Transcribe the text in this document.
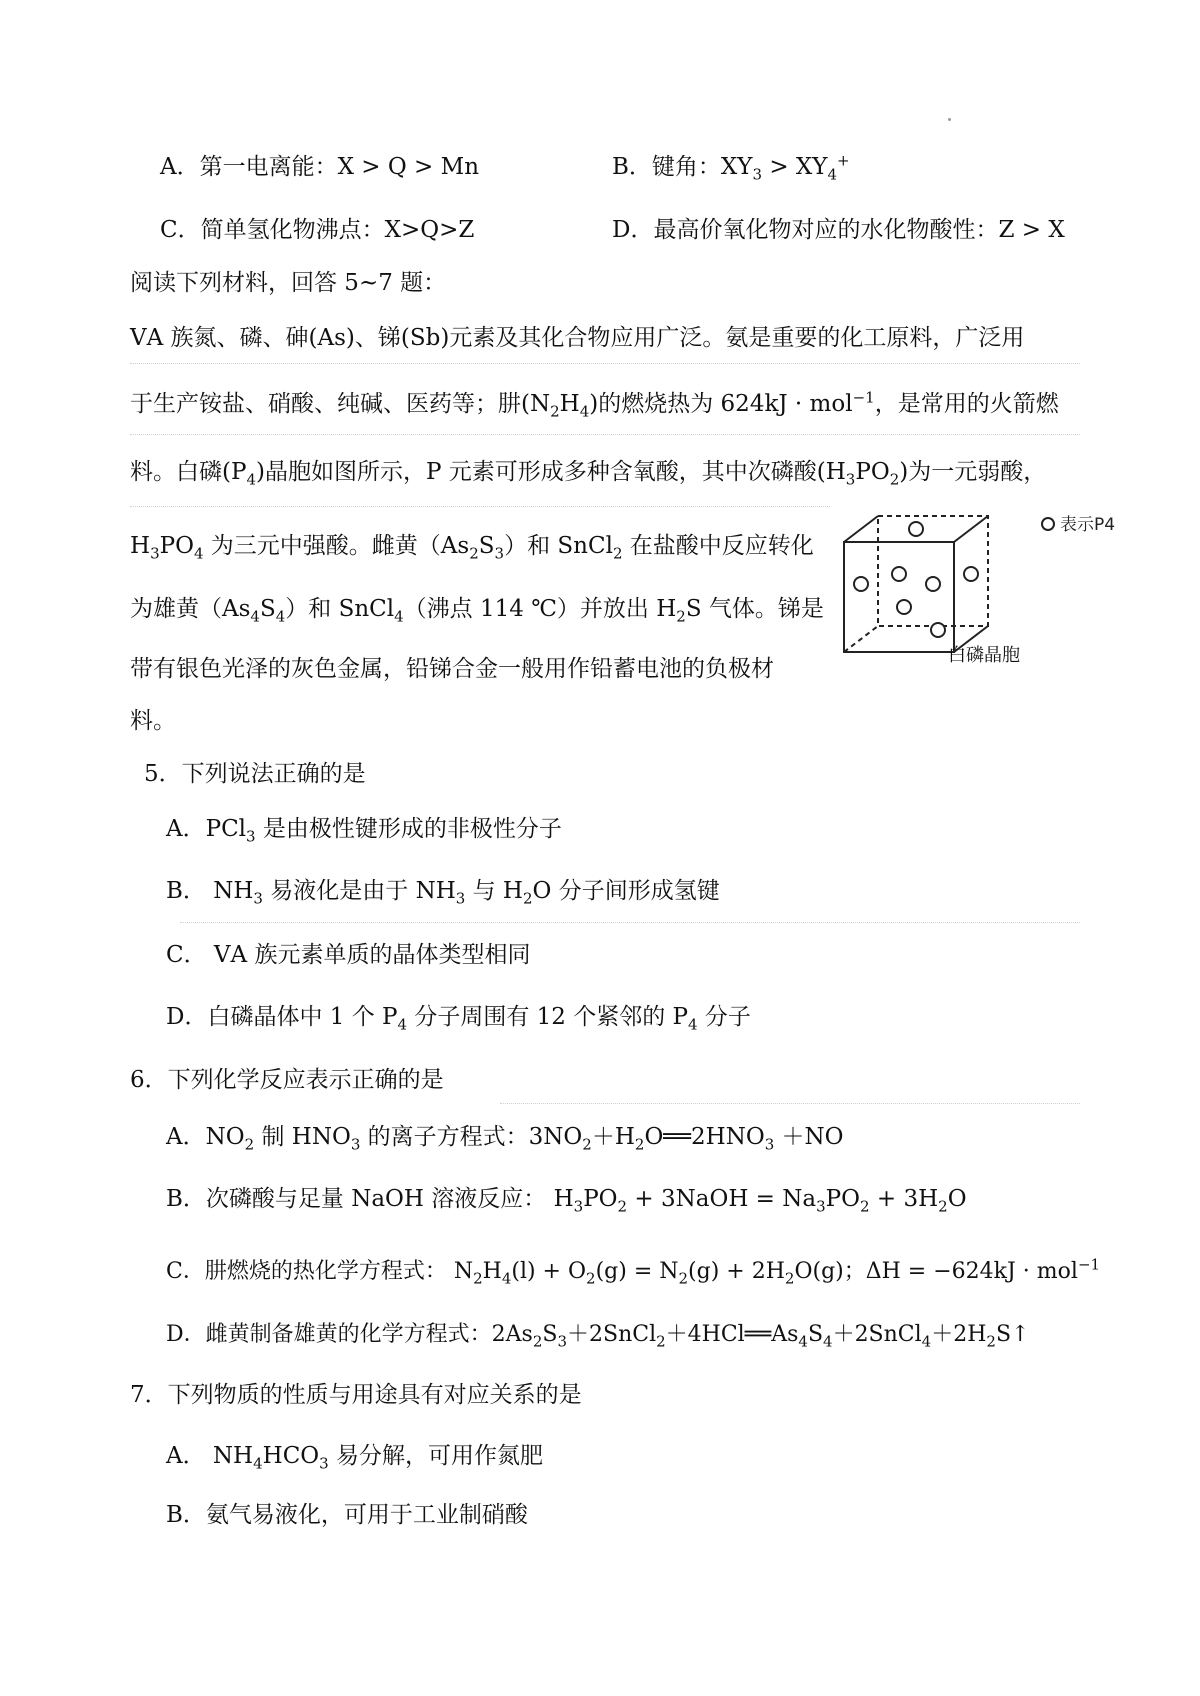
A．第一电离能：X > Q > Mn	B．键角：$XY_3 > XY_4^+$
C．简单氢化物沸点：X>Q>Z	D．最高价氧化物对应的水化物酸性：Z > X
阅读下列材料，回答 5~7 题：
ⅤA 族氮、磷、砷(As)、锑(Sb)元素及其化合物应用广泛。氨是重要的化工原料，广泛用
于生产铵盐、硝酸、纯碱、医药等；肼$(N_2H_4)$的燃烧热为 624kJ · mol$^{-1}$，是常用的火箭燃
料。白磷$(P_4)$晶胞如图所示，P 元素可形成多种含氧酸，其中次磷酸$(H_3PO_2)$为一元弱酸，
$H_3PO_4$ 为三元中强酸。雌黄$(As_2S_3)$和 SnCl$_2$ 在盐酸中反应转化
为雄黄$(As_4S_4)$和 SnCl$_4$（沸点 114 ℃）并放出 $H_2S$ 气体。锑是
带有银色光泽的灰色金属，铅锑合金一般用作铅蓄电池的负极材
料。
表示P4
白磷晶胞
5．下列说法正确的是
A．PCl$_3$ 是由极性键形成的非极性分子
B． $NH_3$ 易液化是由于 $NH_3$ 与 $H_2O$ 分子间形成氢键
C． ⅤA 族元素单质的晶体类型相同
D．白磷晶体中 1 个 $P_4$ 分子周围有 12 个紧邻的 $P_4$ 分子
6．下列化学反应表示正确的是
A．$NO_2$ 制 $HNO_3$ 的离子方程式：$3NO_2+H_2O══2HNO_3 +NO$
B．次磷酸与足量 NaOH 溶液反应： $H_3PO_2$ + 3NaOH = $Na_3PO_2 + 3H_2O$
C．肼燃烧的热化学方程式： $N_2H_4(l) + O_2(g) = N_2(g) + 2H_2O(g)$；ΔH = −624kJ · mol$^{-1}$
D．雌黄制备雄黄的化学方程式：$2As_2S_3+2SnCl_2+4HCl══As_4S_4+2SnCl_4+2H_2S↑$
7．下列物质的性质与用途具有对应关系的是
A． $NH_4HCO_3$ 易分解，可用作氮肥
B．氨气易液化，可用于工业制硝酸
